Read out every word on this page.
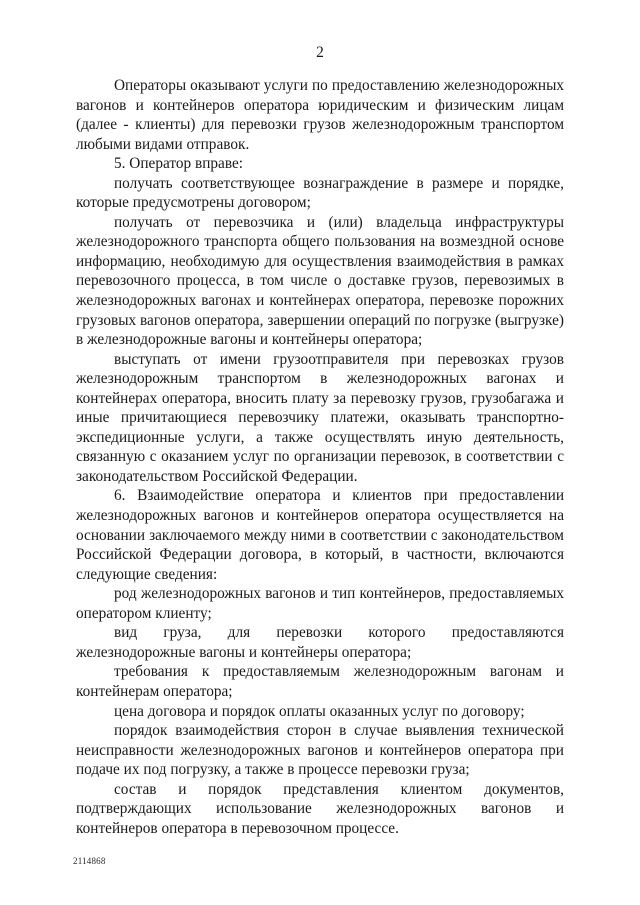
2

Операторы оказывают услуги по предоставлению железнодорожных вагонов и контейнеров оператора юридическим и физическим лицам (далее - клиенты) для перевозки грузов железнодорожным транспортом любыми видами отправок.

5. Оператор вправе:

получать соответствующее вознаграждение в размере и порядке, которые предусмотрены договором;

получать от перевозчика и (или) владельца инфраструктуры железнодорожного транспорта общего пользования на возмездной основе информацию, необходимую для осуществления взаимодействия в рамках перевозочного процесса, в том числе о доставке грузов, перевозимых в железнодорожных вагонах и контейнерах оператора, перевозке порожних грузовых вагонов оператора, завершении операций по погрузке (выгрузке) в железнодорожные вагоны и контейнеры оператора;

выступать от имени грузоотправителя при перевозках грузов железнодорожным транспортом в железнодорожных вагонах и контейнерах оператора, вносить плату за перевозку грузов, грузобагажа и иные причитающиеся перевозчику платежи, оказывать транспортно-экспедиционные услуги, а также осуществлять иную деятельность, связанную с оказанием услуг по организации перевозок, в соответствии с законодательством Российской Федерации.

6. Взаимодействие оператора и клиентов при предоставлении железнодорожных вагонов и контейнеров оператора осуществляется на основании заключаемого между ними в соответствии с законодательством Российской Федерации договора, в который, в частности, включаются следующие сведения:

род железнодорожных вагонов и тип контейнеров, предоставляемых оператором клиенту;

вид груза, для перевозки которого предоставляются железнодорожные вагоны и контейнеры оператора;

требования к предоставляемым железнодорожным вагонам и контейнерам оператора;

цена договора и порядок оплаты оказанных услуг по договору;

порядок взаимодействия сторон в случае выявления технической неисправности железнодорожных вагонов и контейнеров оператора при подаче их под погрузку, а также в процессе перевозки груза;

состав и порядок представления клиентом документов, подтверждающих использование железнодорожных вагонов и контейнеров оператора в перевозочном процессе.

2114868
